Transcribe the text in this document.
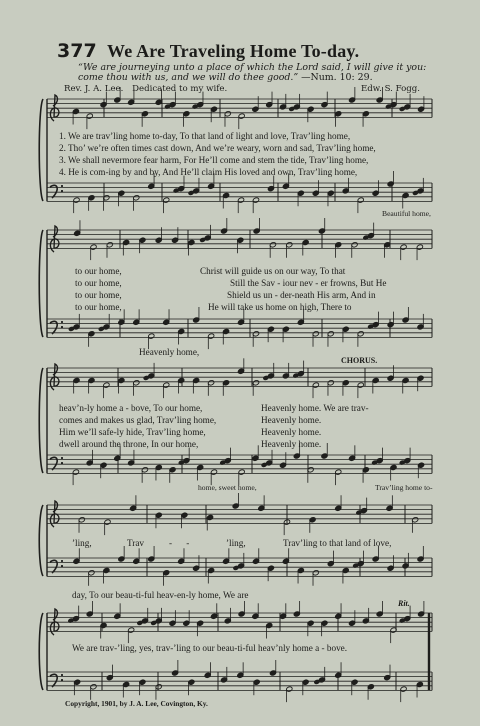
377 We Are Traveling Home To-day.
“We are journeying unto a place of which the Lord said, I will give it you: come thou with us, and we will do thee good.” —Num. 10: 29.
Rev. J. A. Lee. Dedicated to my wife.	Edw. S. Fogg.
1. We are trav’ling home to-day, To that land of light and love, Trav’ling home,
2. Tho’ we’re often times cast down, And we’re weary, worn and sad, Trav’ling home,
3. We shall nevermore fear harm, For He’ll come and stem the tide, Trav’ling home,
4. He is com-ing by and by, And He’ll claim His loved and own, Trav’ling home,
Beautiful home,
to our home,
to our home,
to our home,
to our home,
Christ will guide us on our way, To that
Still the Sav - iour nev - er frowns, But He
Shield us un - der-neath His arm, And in
He will take us home on high, There to
Heavenly home,
CHORUS.
heav’n-ly home a - bove, To our home,
comes and makes us glad, Trav’ling home,
Him we’ll safe-ly hide, Trav’ling home,
dwell around the throne, In our home,
Heavenly home. We are trav-
Heavenly home.
Heavenly home.
Heavenly home.
home, sweet home,	Trav’ling home to-
’ling,	Trav	-    -	’ling,	Trav’ling to that land of love,
day, To our beau-ti-ful heav-en-ly home, We are
Rit.
We are trav-’ling, yes, trav-’ling to our beau-ti-ful heav’nly home a - bove.
Copyright, 1901, by J. A. Lee, Covington, Ky.
